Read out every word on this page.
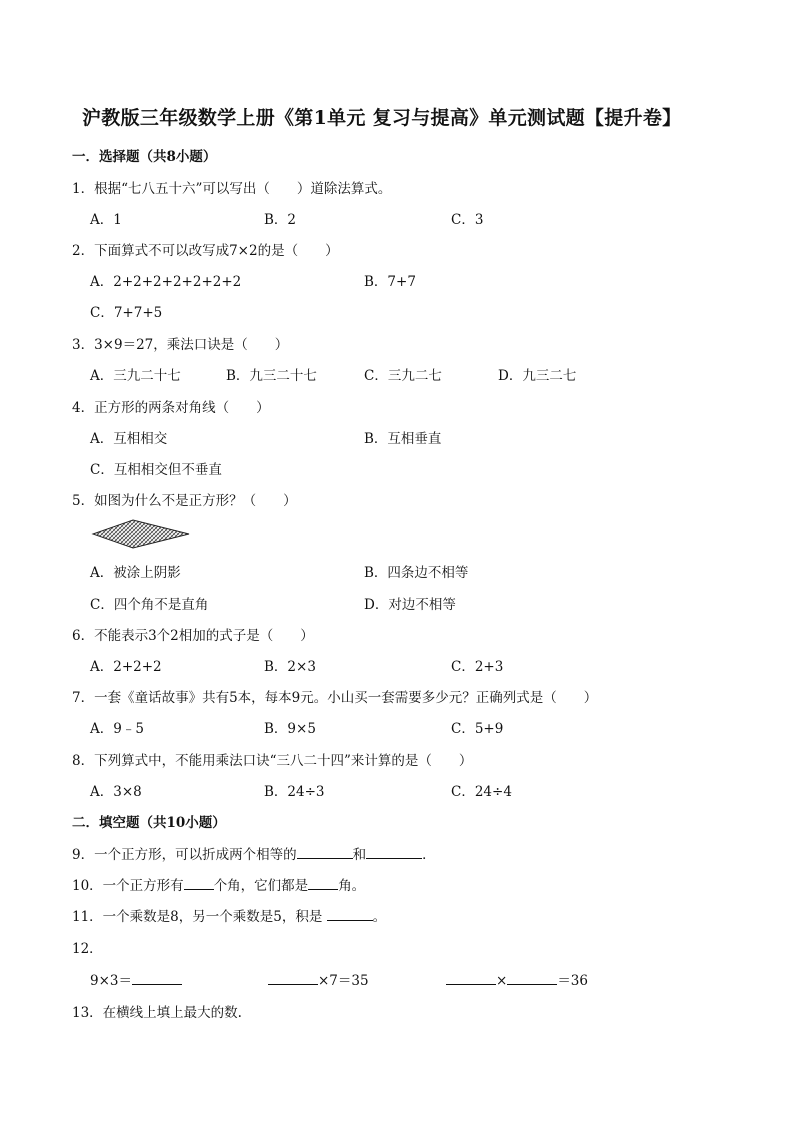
沪教版三年级数学上册《第1单元 复习与提高》单元测试题【提升卷】
一．选择题（共8小题）
1．根据“七八五十六”可以写出（　　）道除法算式。
A．1	B．2	C．3
2．下面算式不可以改写成7×2的是（　　）
A．2+2+2+2+2+2+2	B．7+7
C．7+7+5
3．3×9＝27，乘法口诀是（　　）
A．三九二十七	B．九三二十七	C．三九二七	D．九三二七
4．正方形的两条对角线（　　）
A．互相相交	B．互相垂直
C．互相相交但不垂直
5．如图为什么不是正方形？（　　）
A．被涂上阴影	B．四条边不相等
C．四个角不是直角	D．对边不相等
6．不能表示3个2相加的式子是（　　）
A．2+2+2	B．2×3	C．2+3
7．一套《童话故事》共有5本，每本9元。小山买一套需要多少元？正确列式是（　　）
A．9﹣5	B．9×5	C．5+9
8．下列算式中，不能用乘法口诀“三八二十四”来计算的是（　　）
A．3×8	B．24÷3	C．24÷4
二．填空题（共10小题）
9．一个正方形，可以折成两个相等的	和	．
10．一个正方形有 个角，它们都是 角。
11．一个乘数是8，另一个乘数是5，积是	。
12．
9×3＝	×7＝35	×	＝36
13．在横线上填上最大的数.
